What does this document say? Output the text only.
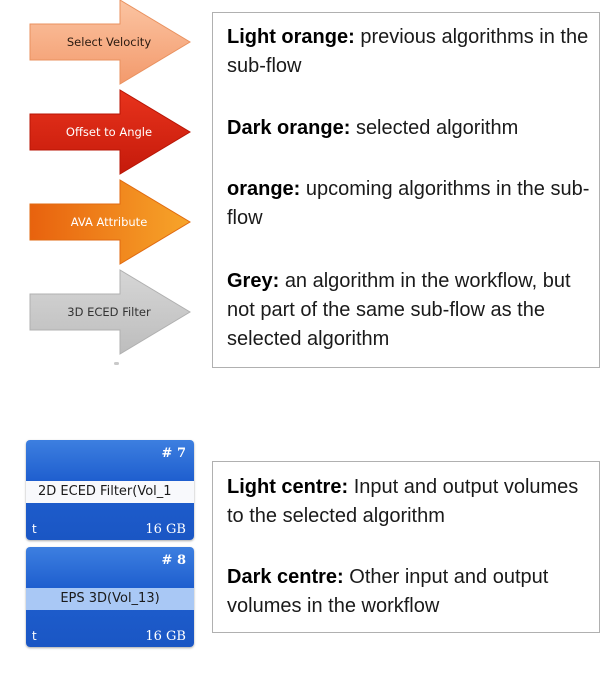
Select Velocity
Offset to Angle
AVA Attribute
3D ECED Filter
Light orange: previous algorithms in the sub-flow
Dark orange: selected algorithm
orange: upcoming algorithms in the sub-flow
Grey: an algorithm in the workflow, but not part of the same sub-flow as the selected algorithm
# 7
2D ECED Filter(Vol_1
t	16 GB
# 8
EPS 3D(Vol_13)
t	16 GB
Light centre: Input and output volumes to the selected algorithm
Dark centre: Other input and output volumes in the workflow
